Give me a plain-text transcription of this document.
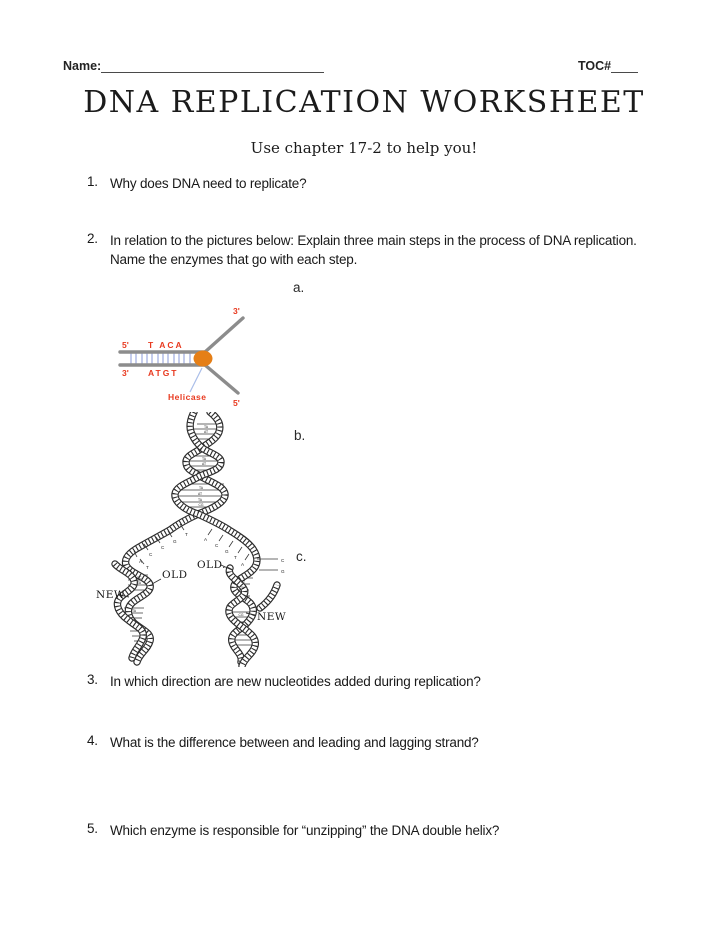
Name:	TOC#
DNA REPLICATION WORKSHEET
Use chapter 17-2 to help you!
1. Why does DNA need to replicate?
2. In relation to the pictures below: Explain three main steps in the process of DNA replication.
Name the enzymes that go with each step.
3. In which direction are new nucleotides added during replication?
4. What is the difference between and leading and lagging strand?
5. Which enzyme is responsible for “unzipping” the DNA double helix?
a.
b.
c.
5' T ACA
3' ATGT
3'
5'
Helicase
T
G
C
C
A
T
A
C
G
T
A
C
G
TA
AT
TA
AT
TA
AT
TA
CG
GC
TA
TA
AT
TA
CG
OLD
OLD.
NEW
NEW
